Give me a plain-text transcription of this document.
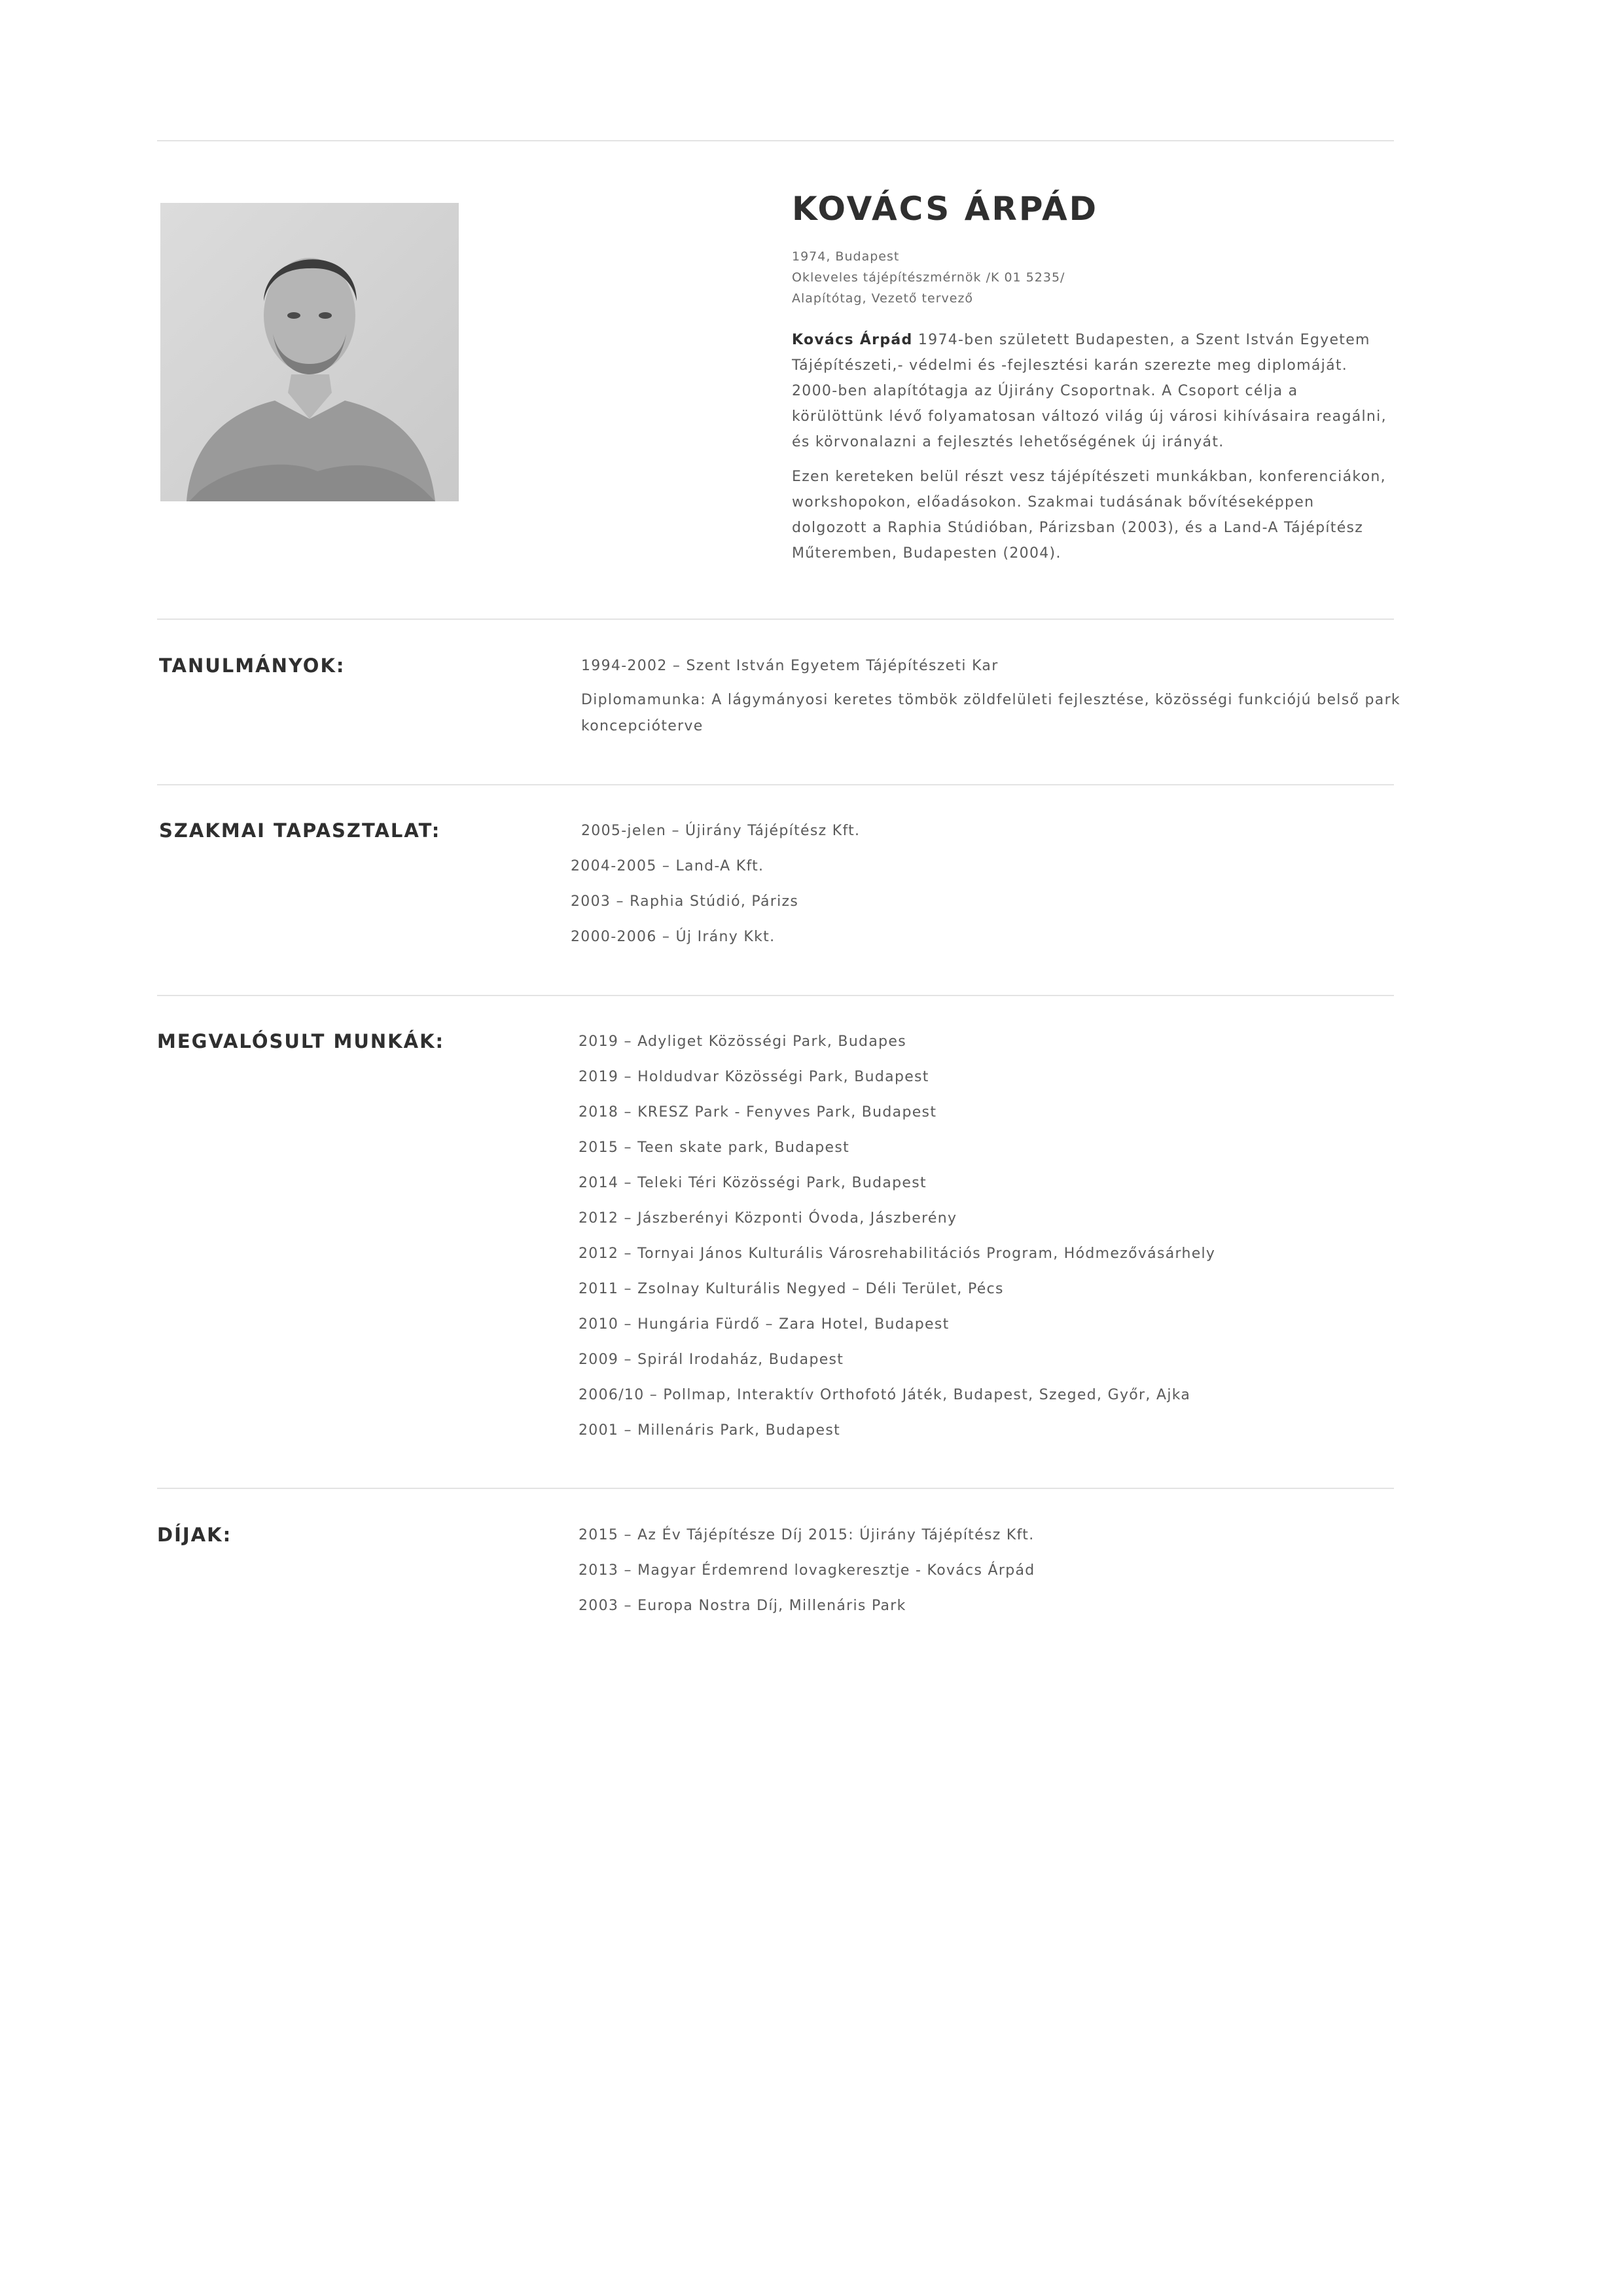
KOVÁCS ÁRPÁD
1974, Budapest
Okleveles tájépítészmérnök /K 01 5235/
Alapítótag, Vezető tervező

Kovács Árpád 1974-ben született Budapesten, a Szent István Egyetem Tájépítészeti,- védelmi és -fejlesztési karán szerezte meg diplomáját. 2000-ben alapítótagja az Újirány Csoportnak. A Csoport célja a körülöttünk lévő folyamatosan változó világ új városi kihívásaira reagálni, és körvonalazni a fejlesztés lehetőségének új irányát.

Ezen kereteken belül részt vesz tájépítészeti munkákban, konferenciákon, workshopokon, előadásokon. Szakmai tudásának bővítéseképpen dolgozott a Raphia Stúdióban, Párizsban (2003), és a Land-A Tájépítész Műteremben, Budapesten (2004).

TANULMÁNYOK:	1994-2002 – Szent István Egyetem Tájépítészeti Kar
Diplomamunka: A lágymányosi keretes tömbök zöldfelületi fejlesztése, közösségi funkciójú belső park
koncepcióterve
SZAKMAI TAPASZTALAT:	2005-jelen – Újirány Tájépítész Kft.
2004-2005 – Land-A Kft.
2003 – Raphia Stúdió, Párizs
2000-2006 – Új Irány Kkt.
MEGVALÓSULT MUNKÁK:	2019 – Adyliget Közösségi Park, Budapes
2019 – Holdudvar Közösségi Park, Budapest
2018 – KRESZ Park - Fenyves Park, Budapest
2015 – Teen skate park, Budapest
2014 – Teleki Téri Közösségi Park, Budapest
2012 – Jászberényi Központi Óvoda, Jászberény
2012 – Tornyai János Kulturális Városrehabilitációs Program, Hódmezővásárhely
2011 – Zsolnay Kulturális Negyed – Déli Terület, Pécs
2010 – Hungária Fürdő – Zara Hotel, Budapest
2009 – Spirál Irodaház, Budapest
2006/10 – Pollmap, Interaktív Orthofotó Játék, Budapest, Szeged, Győr, Ajka
2001 – Millenáris Park, Budapest
DÍJAK:	2015 – Az Év Tájépítésze Díj 2015: Újirány Tájépítész Kft.
2013 – Magyar Érdemrend lovagkeresztje - Kovács Árpád
2003 – Europa Nostra Díj, Millenáris Park
